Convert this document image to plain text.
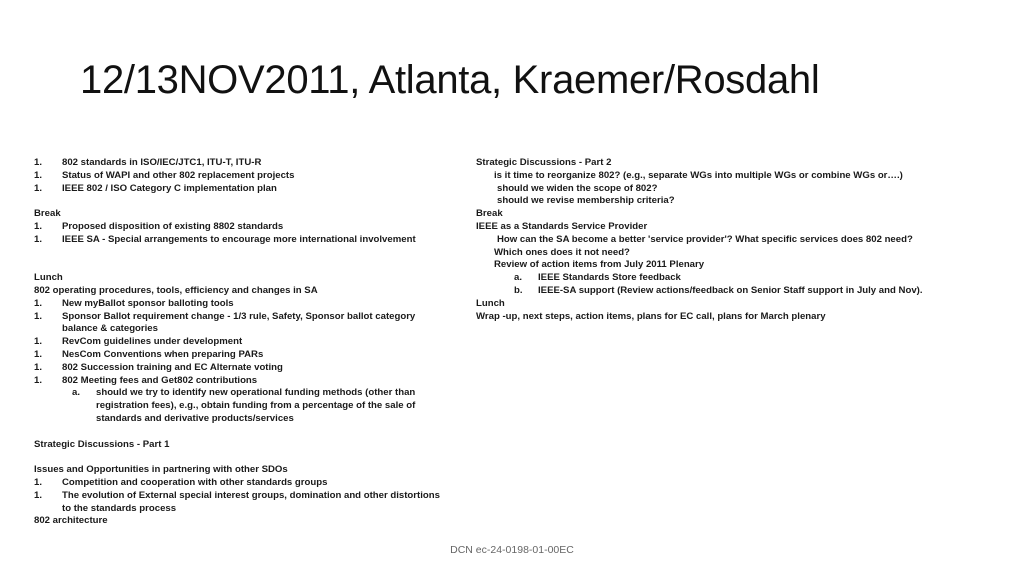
12/13NOV2011, Atlanta, Kraemer/Rosdahl
1.	802 standards in ISO/IEC/JTC1, ITU-T, ITU-R
1.	Status of WAPI and other 802 replacement projects
1.	IEEE 802 / ISO Category C implementation plan
Break
1.	Proposed disposition of existing 8802 standards
1.	IEEE SA - Special arrangements to encourage more international involvement
Lunch
802 operating procedures, tools, efficiency and changes in SA
1.	New myBallot sponsor balloting tools
1.	Sponsor Ballot requirement change - 1/3 rule, Safety, Sponsor ballot category balance & categories
1.	RevCom guidelines under development
1.	NesCom Conventions when preparing PARs
1.	802 Succession training and EC Alternate voting
1.	802 Meeting fees and Get802 contributions
a.	should we try to identify new operational funding methods (other than registration fees), e.g., obtain funding from a percentage of the sale of standards and derivative products/services
Strategic Discussions - Part 1
Issues and Opportunities in partnering with other SDOs
1.	Competition and cooperation with other standards groups
1.	The evolution of External special interest groups, domination and other distortions to the standards process
802 architecture
Strategic Discussions - Part 2
is it time to reorganize 802? (e.g., separate WGs into multiple WGs or combine WGs or….)
should we widen the scope of 802?
should we revise membership criteria?
Break
IEEE as a Standards Service Provider
How can the SA become a better 'service provider'? What specific services does 802 need? Which ones does it not need?
Review of action items from July 2011 Plenary
a.	IEEE Standards Store feedback
b.	IEEE-SA support (Review actions/feedback on Senior Staff support in July and Nov).
Lunch
Wrap -up, next steps, action items, plans for EC call, plans for March plenary
DCN ec-24-0198-01-00EC
